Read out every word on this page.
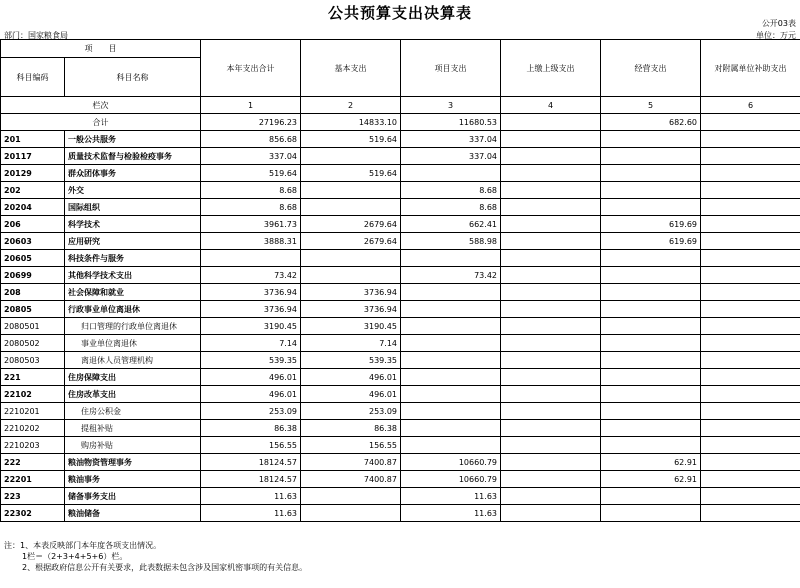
公共预算支出决算表
公开03表
部门：国家粮食局	单位：万元
项　　目		本年支出合计	基本支出	项目支出	上缴上级支出	经营支出	对附属单位补助支出
科目编码	科目名称						
栏次		1	2	3	4	5	6
合计		27196.23	14833.10	11680.53		682.60	
201	一般公共服务	856.68	519.64	337.04			
20117	质量技术监督与检验检疫事务	337.04		337.04			
20129	群众团体事务	519.64	519.64				
202	外交	8.68		8.68			
20204	国际组织	8.68		8.68			
206	科学技术	3961.73	2679.64	662.41		619.69	
20603	应用研究	3888.31	2679.64	588.98		619.69	
20605	科技条件与服务						
20699	其他科学技术支出	73.42		73.42			
208	社会保障和就业	3736.94	3736.94				
20805	行政事业单位离退休	3736.94	3736.94				
2080501	归口管理的行政单位离退休	3190.45	3190.45				
2080502	事业单位离退休	7.14	7.14				
2080503	离退休人员管理机构	539.35	539.35				
221	住房保障支出	496.01	496.01				
22102	住房改革支出	496.01	496.01				
2210201	住房公积金	253.09	253.09				
2210202	提租补贴	86.38	86.38				
2210203	购房补贴	156.55	156.55				
222	粮油物资管理事务	18124.57	7400.87	10660.79		62.91	
22201	粮油事务	18124.57	7400.87	10660.79		62.91	
223	储备事务支出	11.63		11.63			
22302	粮油储备	11.63		11.63			
注：1、本表反映部门本年度各项支出情况。
1栏＝（2+3+4+5+6）栏。
2、根据政府信息公开有关要求，此表数据未包含涉及国家机密事项的有关信息。
